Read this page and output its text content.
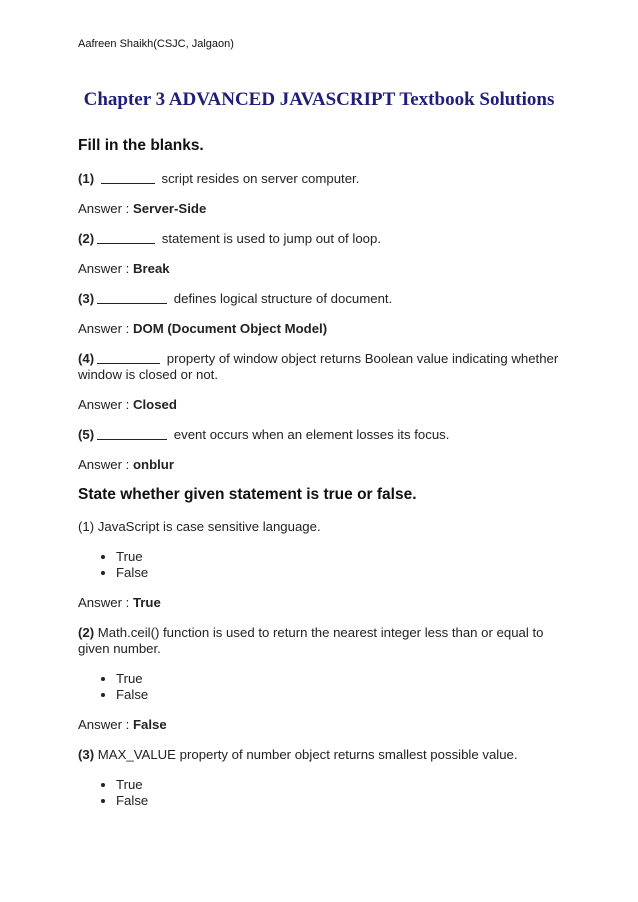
Aafreen Shaikh(CSJC, Jalgaon)
Chapter 3 ADVANCED JAVASCRIPT Textbook Solutions

Fill in the blanks.

(1)	script resides on server computer.

Answer : Server-Side

(2)	statement is used to jump out of loop.

Answer : Break

(3)	defines logical structure of document.

Answer : DOM (Document Object Model)

(4)	property of window object returns Boolean value indicating whether window is closed or not.

Answer : Closed

(5)	event occurs when an element losses its focus.

Answer : onblur

State whether given statement is true or false.

(1) JavaScript is case sensitive language.

• True
• False

Answer : True

(2) Math.ceil() function is used to return the nearest integer less than or equal to given number.

• True
• False

Answer : False

(3) MAX_VALUE property of number object returns smallest possible value.

• True
• False
